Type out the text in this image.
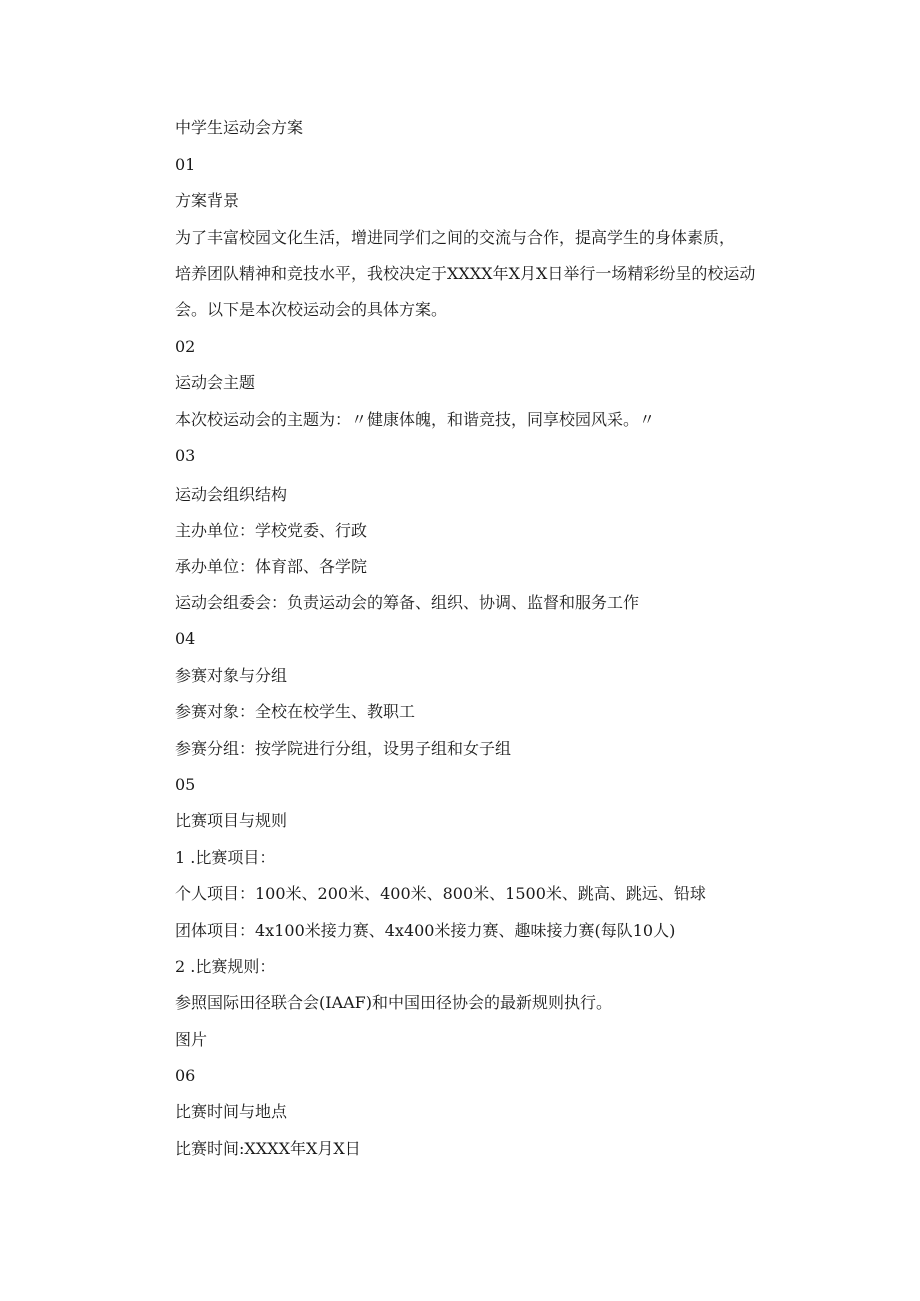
中学生运动会方案
01
方案背景
为了丰富校园文化生活，增进同学们之间的交流与合作，提高学生的身体素质，
培养团队精神和竞技水平，我校决定于XXXX年X月X日举行一场精彩纷呈的校运动
会。以下是本次校运动会的具体方案。
02
运动会主题
本次校运动会的主题为：〃健康体魄，和谐竞技，同享校园风采。〃
03
运动会组织结构
主办单位：学校党委、行政
承办单位：体育部、各学院
运动会组委会：负责运动会的筹备、组织、协调、监督和服务工作
04
参赛对象与分组
参赛对象：全校在校学生、教职工
参赛分组：按学院进行分组，设男子组和女子组
05
比赛项目与规则
1 .比赛项目：
个人项目：100米、200米、400米、800米、1500米、跳高、跳远、铅球
团体项目：4x100米接力赛、4x400米接力赛、趣味接力赛(每队10人)
2 .比赛规则：
参照国际田径联合会(IAAF)和中国田径协会的最新规则执行。
图片
06
比赛时间与地点
比赛时间:XXXX年X月X日
